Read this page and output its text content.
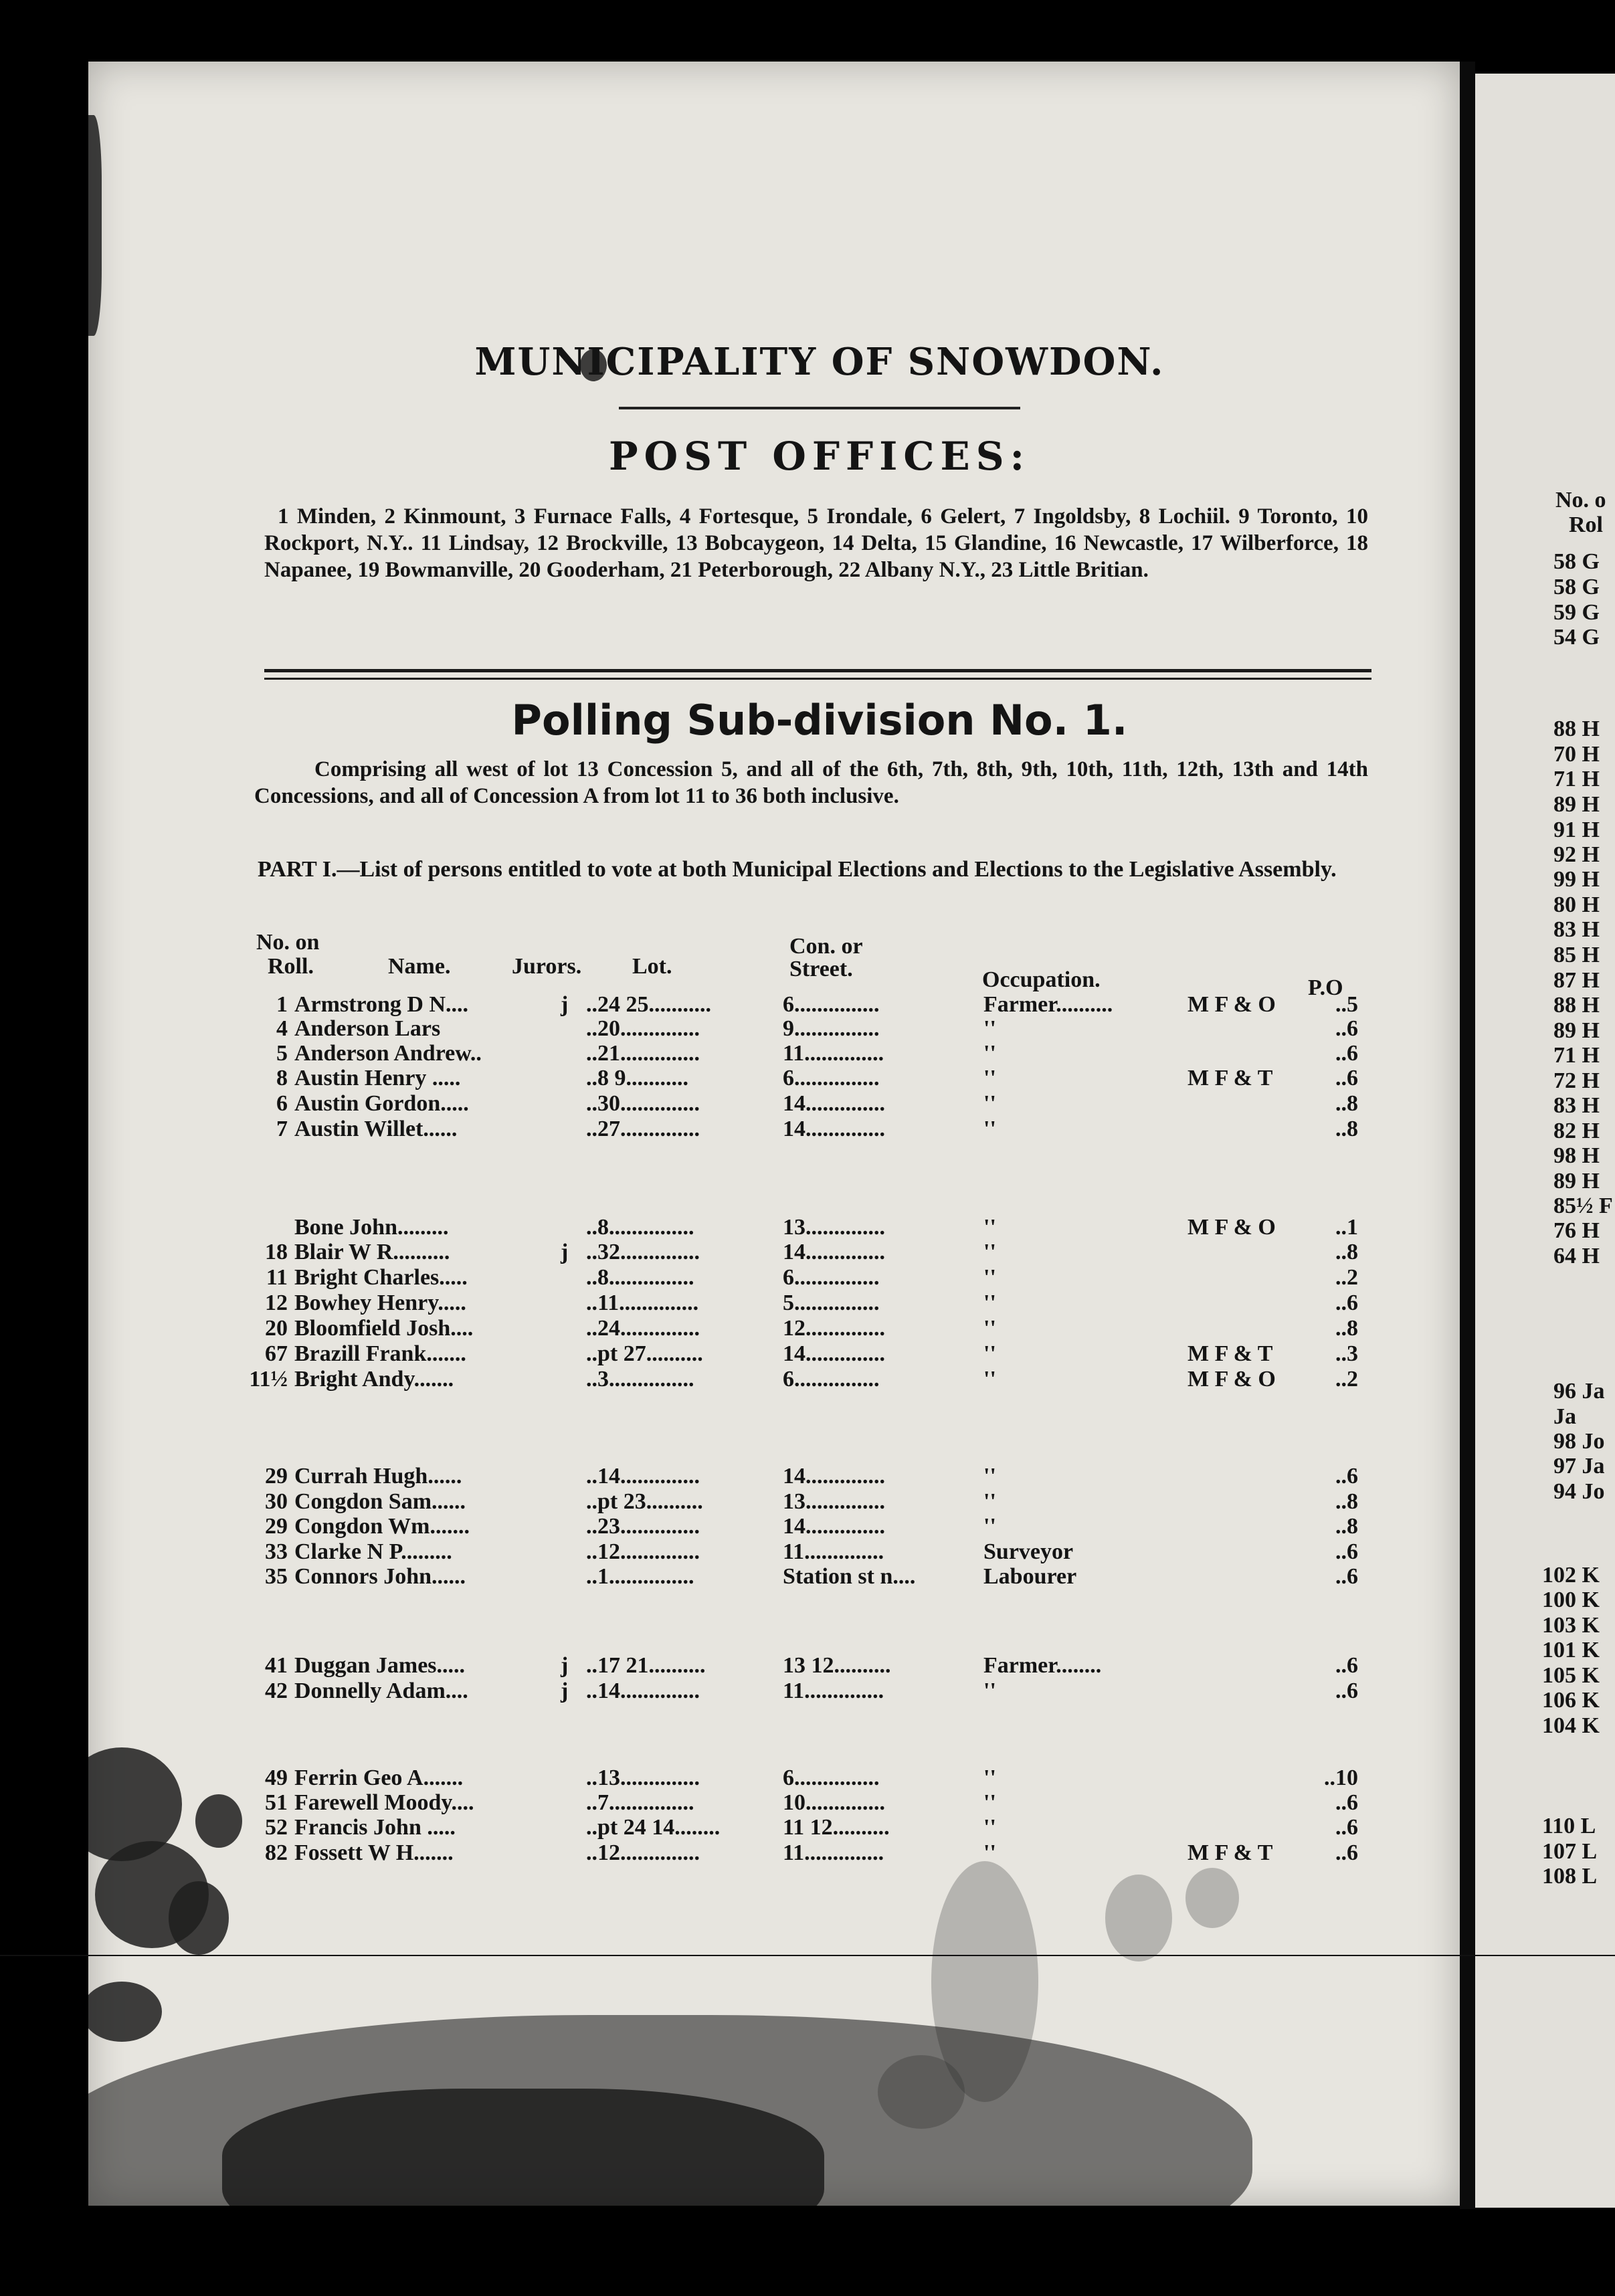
MUNICIPALITY OF SNOWDON.
POST OFFICES:
1 Minden, 2 Kinmount, 3 Furnace Falls, 4 Fortesque, 5 Irondale, 6 Gelert, 7 Ingoldsby, 8 Lochiil. 9 Toronto, 10 Rockport, N.Y.. 11 Lindsay, 12 Brockville, 13 Bobcaygeon, 14 Delta, 15 Glandine, 16 Newcastle, 17 Wilberforce, 18 Napanee, 19 Bowmanville, 20 Gooderham, 21 Peterborough, 22 Albany N.Y., 23 Little Britian.
Polling Sub-division No. 1.
Comprising all west of lot 13 Concession 5, and all of the 6th, 7th, 8th, 9th, 10th, 11th, 12th, 13th and 14th Concessions, and all of Concession A from lot 11 to 36 both inclusive.
PART I.—List of persons entitled to vote at both Municipal Elections and Elections to the Legislative Assembly.
No. on
Roll.	Name.	Jurors. Lot.
Con. or
Street.	Occupation.	P.O
1 Armstrong D N....	j ..24 25...........	6...............	Farmer..........	M F & O	..5
4 Anderson Lars	..20..............	9...............	''	..6
5 Anderson Andrew..	..21..............	11..............	''	..6
8 Austin Henry .....	..8 9...........	6...............	''	M F & T	..6
6 Austin Gordon.....	..30..............	14..............	''	..8
7 Austin Willet......	..27..............	14..............	''	..8
Bone John.........	..8...............	13..............	''	M F & O	..1
18 Blair W R..........	j ..32..............	14..............	''	..8
11 Bright Charles.....	..8...............	6...............	''	..2
12 Bowhey Henry.....	..11..............	5...............	''	..6
20 Bloomfield Josh....	..24..............	12..............	''	..8
67 Brazill Frank.......	..pt 27..........	14..............	''	M F & T	..3
11½ Bright Andy.......	..3...............	6...............	''	M F & O	..2
29 Currah Hugh......	..14..............	14..............	''	..6
30 Congdon Sam......	..pt 23..........	13..............	''	..8
29 Congdon Wm.......	..23..............	14..............	''	..8
33 Clarke N P.........	..12..............	11..............	Surveyor	..6
35 Connors John......	..1...............	Station st n....	Labourer	..6
41 Duggan James.....	j ..17 21..........	13 12..........	Farmer........	..6
42 Donnelly Adam....	j ..14..............	11..............	''	..6
49 Ferrin Geo A.......	..13..............	6...............	''	..10
51 Farewell Moody....	..7...............	10..............	''	..6
52 Francis John .....	..pt 24 14........	11 12..........	''	..6
82 Fossett W H.......	..12..............	11..............	''	M F & T	..6
No. o
Rol
58 G
58 G
59 G
54 G
88 H
70 H
71 H
89 H
91 H
92 H
99 H
80 H
83 H
85 H
87 H
88 H
89 H
71 H
72 H
83 H
82 H
98 H
89 H
85½ F
76 H
64 H
96 Ja
Ja
98 Jo
97 Ja
94 Jo
102 K
100 K
103 K
101 K
105 K
106 K
104 K
110 L
107 L
108 L
